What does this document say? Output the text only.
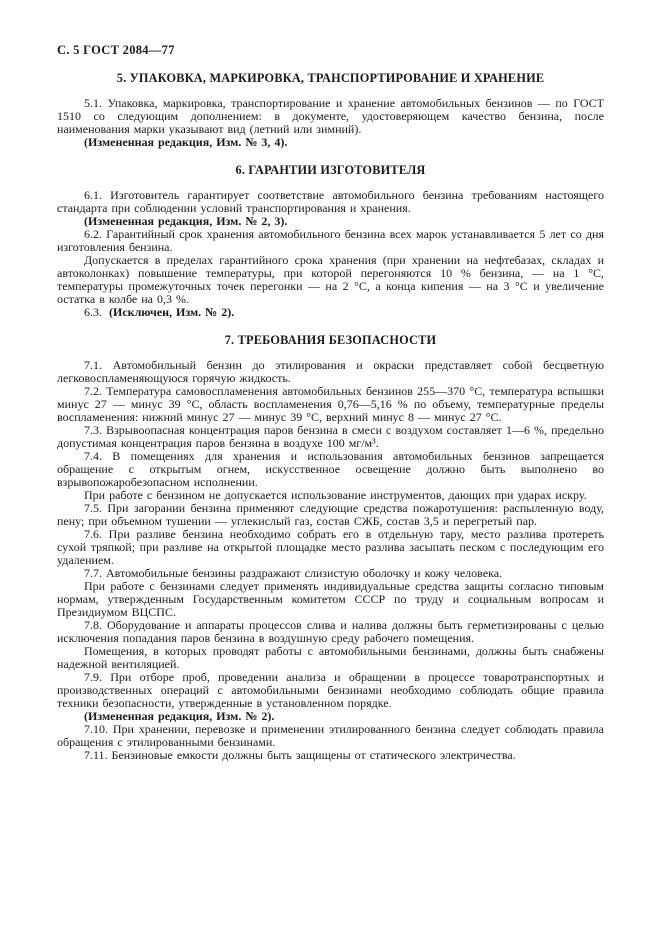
С. 5 ГОСТ 2084—77
5. УПАКОВКА, МАРКИРОВКА, ТРАНСПОРТИРОВАНИЕ И ХРАНЕНИЕ

5.1. Упаковка, маркировка, транспортирование и хранение автомобильных бензинов — по ГОСТ 1510 со следующим дополнением: в документе, удостоверяющем качество бензина, после наименования марки указывают вид (летний или зимний).

(Измененная редакция, Изм. № 3, 4).

6. ГАРАНТИИ ИЗГОТОВИТЕЛЯ

6.1. Изготовитель гарантирует соответствие автомобильного бензина требованиям настоящего стандарта при соблюдении условий транспортирования и хранения.

(Измененная редакция, Изм. № 2, 3).

6.2. Гарантийный срок хранения автомобильного бензина всех марок устанавливается 5 лет со дня изготовления бензина.

Допускается в пределах гарантийного срока хранения (при хранении на нефтебазах, складах и автоколонках) повышение температуры, при которой перегоняются 10 % бензина, — на 1 °С, температуры промежуточных точек перегонки — на 2 °С, а конца кипения — на 3 °С и увеличение остатка в колбе на 0,3 %.

6.3. (Исключен, Изм. № 2).

7. ТРЕБОВАНИЯ БЕЗОПАСНОСТИ

7.1. Автомобильный бензин до этилирования и окраски представляет собой бесцветную легковоспламеняющуюся горячую жидкость.

7.2. Температура самовоспламенения автомобильных бензинов 255—370 °С, температура вспышки минус 27 — минус 39 °С, область воспламенения 0,76—5,16 % по объему, температурные пределы воспламенения: нижний минус 27 — минус 39 °С, верхний минус 8 — минус 27 °С.

7.3. Взрывоопасная концентрация паров бензина в смеси с воздухом составляет 1—6 %, предельно допустимая концентрация паров бензина в воздухе 100 мг/м³.

7.4. В помещениях для хранения и использования автомобильных бензинов запрещается обращение с открытым огнем, искусственное освещение должно быть выполнено во взрывопожаробезопасном исполнении.

При работе с бензином не допускается использование инструментов, дающих при ударах искру.

7.5. При загорании бензина применяют следующие средства пожаротушения: распыленную воду, пену; при объемном тушении — углекислый газ, состав СЖБ, состав 3,5 и перегретый пар.

7.6. При разливе бензина необходимо собрать его в отдельную тару, место разлива протереть сухой тряпкой; при разливе на открытой площадке место разлива засыпать песком с последующим его удалением.

7.7. Автомобильные бензины раздражают слизистую оболочку и кожу человека.

При работе с бензинами следует применять индивидуальные средства защиты согласно типовым нормам, утвержденным Государственным комитетом СССР по труду и социальным вопросам и Президиумом ВЦСПС.

7.8. Оборудование и аппараты процессов слива и налива должны быть герметизированы с целью исключения попадания паров бензина в воздушную среду рабочего помещения.

Помещения, в которых проводят работы с автомобильными бензинами, должны быть снабжены надежной вентиляцией.

7.9. При отборе проб, проведении анализа и обращении в процессе товаротранспортных и производственных операций с автомобильными бензинами необходимо соблюдать общие правила техники безопасности, утвержденные в установленном порядке.

(Измененная редакция, Изм. № 2).

7.10. При хранении, перевозке и применении этилированного бензина следует соблюдать правила обращения с этилированными бензинами.

7.11. Бензиновые емкости должны быть защищены от статического электричества.
